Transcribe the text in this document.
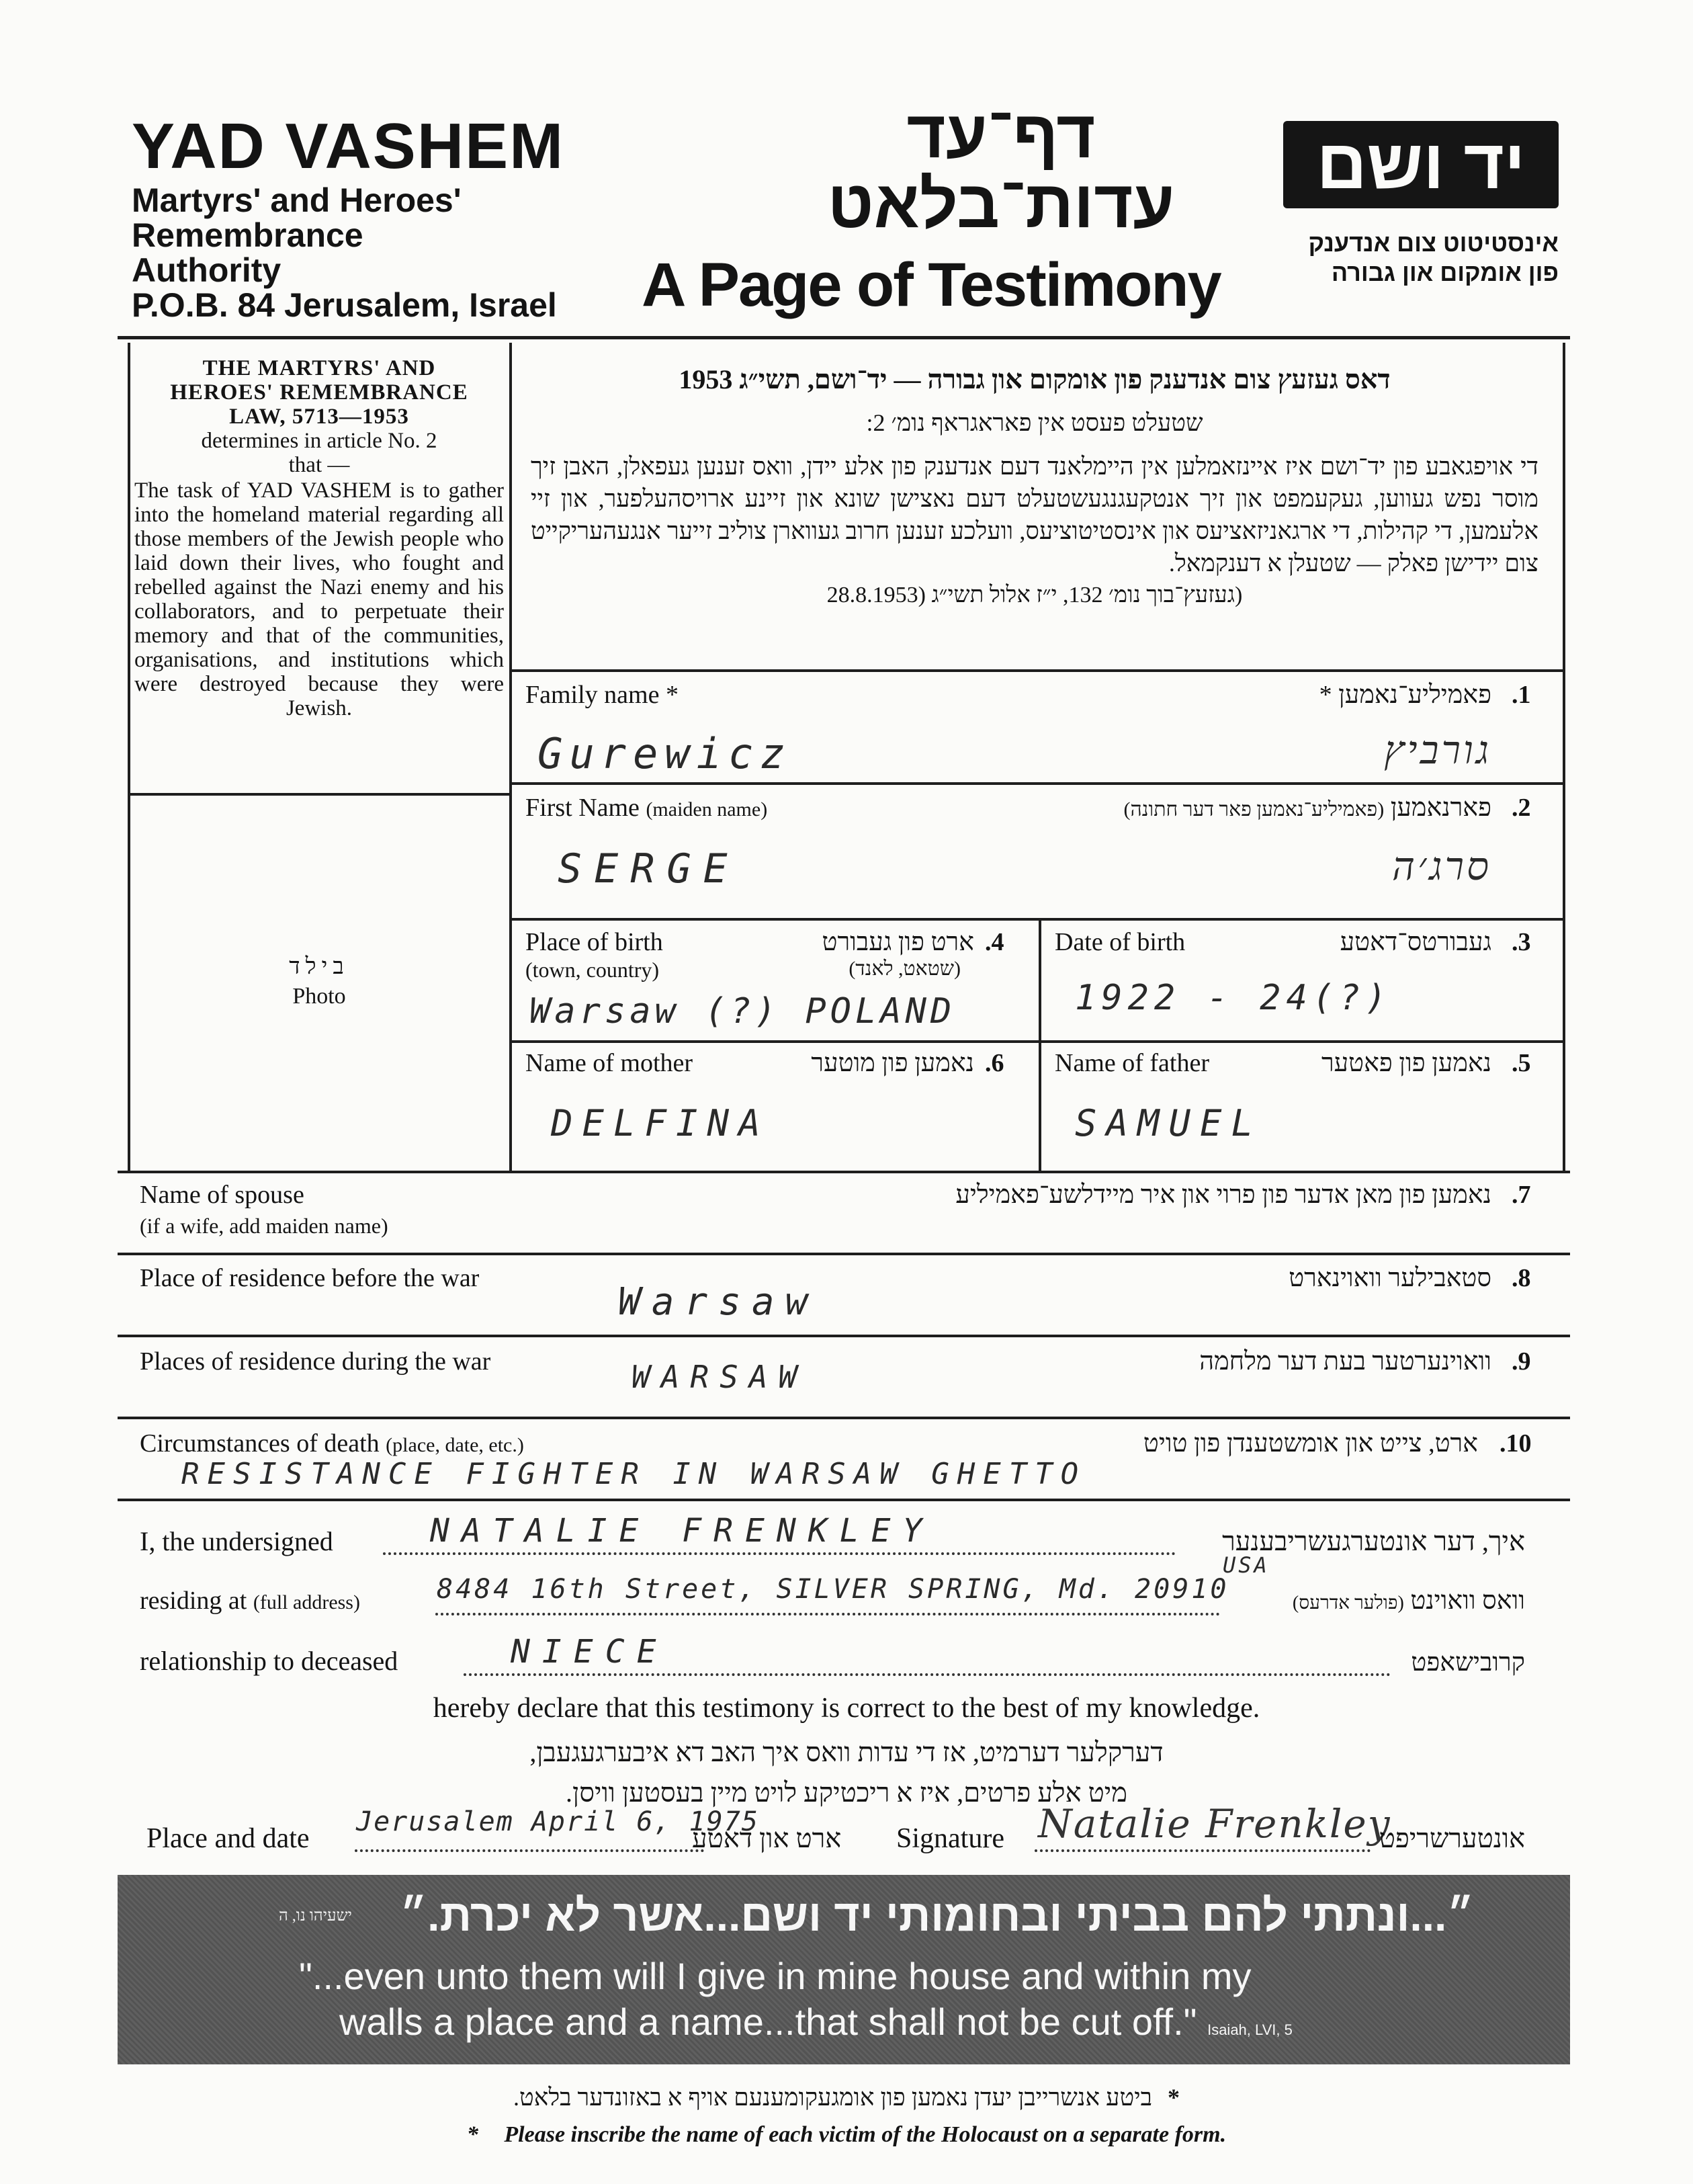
YAD VASHEM
Martyrs' and Heroes'
Remembrance
Authority
P.O.B. 84 Jerusalem, Israel
דף־עד
עדות־בלאט
A Page of Testimony
יד ושם
אינסטיטוט צום אנדענק
פון אומקום און גבורה
THE MARTYRS' AND
HEROES' REMEMBRANCE
LAW, 5713—1953
determines in article No. 2
that —
The task of YAD VASHEM is to gather into the homeland material regarding all those members of the Jewish people who laid down their lives, who fought and rebelled against the Nazi enemy and his collaborators, and to perpetuate their memory and that of the communities, organisations, and institutions which were destroyed because they were Jewish.
דאס געזעץ צום אנדענק פון אומקום און גבורה — יד־ושם, תשי״ג 1953
שטעלט פעסט אין פאראגראף נומ׳ 2:
די אויפגאבע פון יד־ושם איז איינזאמלען אין היימלאנד דעם אנדענק פון אלע יידן, וואס זענען געפאלן, האבן זיך מוסר נפש געווען, געקעמפט און זיך אנטקעגנגעשטעלט דעם נאצישן שונא און זיינע ארויסהעלפער, און זיי אלעמען, די קהילות, די ארגאניזאציעס און אינסטיטוציעס, וועלכע זענען חרוב געווארן צוליב זייער אנגעהעריקייט צום יידישן פאלק — שטעלן א דענקמאל.
(געזעץ־בוך נומ׳ 132, י״ז אלול תשי״ג (28.8.1953
בילד
Photo
Family name *	פאמיליע־נאמען * .1
Gurewicz	גורביץ
First Name (maiden name)	פארנאמען (פאמיליע־נאמען פאר דער חתונה)	.2
SERGE	סרג׳ה
Place of birth
(town, country)
ארט פון געבורט
(שטאט, לאנד)
.4
Warsaw (?) POLAND
Date of birth	געבורטס־דאטע .3
1922 - 24(?)
Name of mother	נאמען פון מוטער .6
DELFINA
Name of father	נאמען פון פאטער .5
SAMUEL
Name of spouse
(if a wife, add maiden name)
נאמען פון מאן אדער פון פרוי און איר מיידלשע־פאמיליע .7
Place of residence before the war	סטאבילער וואוינארט .8
Warsaw
Places of residence during the war	וואוינערטער בעת דער מלחמה .9
WARSAW
Circumstances of death (place, date, etc.)	ארט, צייט און אומשטענדן פון טויט .10
RESISTANCE FIGHTER IN WARSAW GHETTO
I, the undersigned	NATALIE FRENKLEY	איך, דער אונטערגעשריבענער
residing at (full address)	8484 16th Street, SILVER SPRING, Md. 20910
USA
וואס וואוינט (פולער אדרעס)
relationship to deceased	NIECE	קרובישאפט
hereby declare that this testimony is correct to the best of my knowledge.
דערקלער דערמיט, אז די עדות וואס איך האב דא איבערגעגעבן,
מיט אלע פרטים, איז א ריכטיקע לויט מיין בעסטען וויסן.
Place and date
Jerusalem April 6, 1975
ארט און דאטע Signature Natalie Frenkley
אונטערשריפט
ישעיהו נו, ה ״...ונתתי להם בביתי ובחומותי יד ושם...אשר לא יכרת.״
"...even unto them will I give in mine house and within my
walls a place and a name...that shall not be cut off." Isaiah, LVI, 5
ביטע אנשרייבן יעדן נאמען פון אומגעקומענעם אויף א באזונדער בלאט. *
* Please inscribe the name of each victim of the Holocaust on a separate form.
